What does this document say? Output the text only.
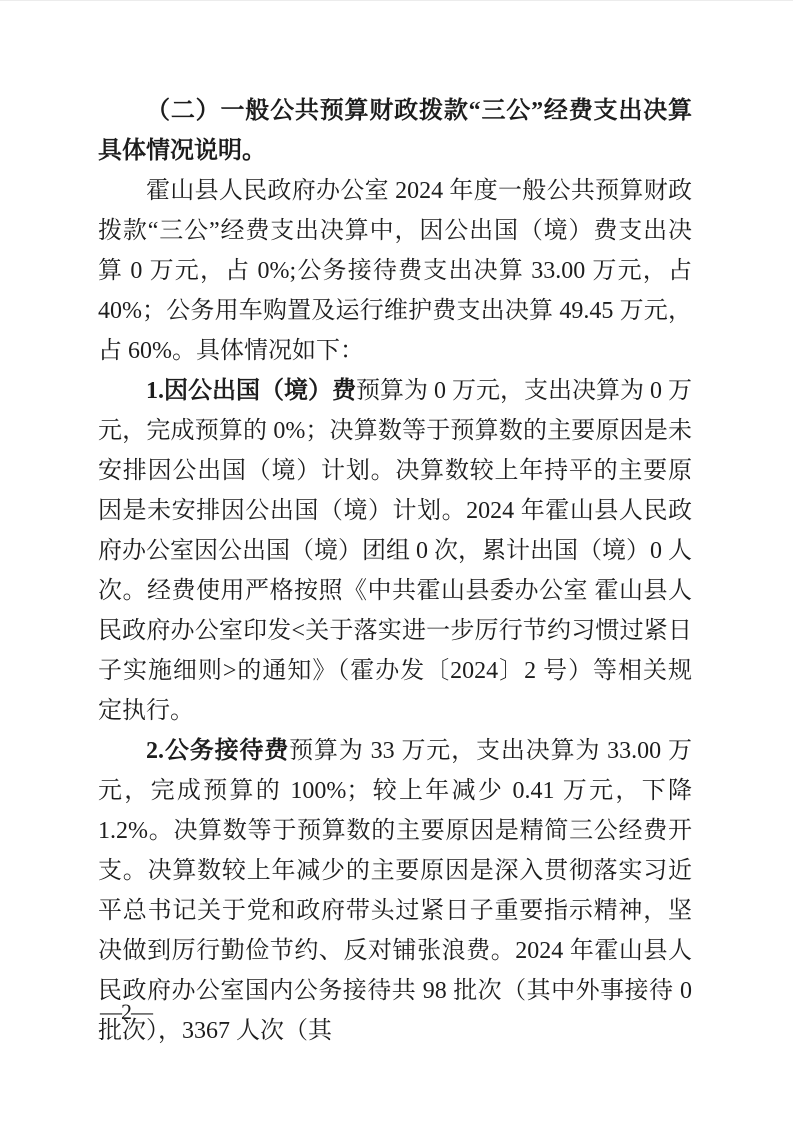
（二）一般公共预算财政拨款“三公”经费支出决算具体情况说明。

霍山县人民政府办公室 2024 年度一般公共预算财政拨款“三公”经费支出决算中，因公出国（境）费支出决算 0 万元，占 0%;公务接待费支出决算 33.00 万元，占 40%；公务用车购置及运行维护费支出决算 49.45 万元，占 60%。具体情况如下：

1.因公出国（境）费预算为 0 万元，支出决算为 0 万元，完成预算的 0%；决算数等于预算数的主要原因是未安排因公出国（境）计划。决算数较上年持平的主要原因是未安排因公出国（境）计划。2024 年霍山县人民政府办公室因公出国（境）团组 0 次，累计出国（境）0 人次。经费使用严格按照《中共霍山县委办公室 霍山县人民政府办公室印发<关于落实进一步厉行节约习惯过紧日子实施细则>的通知》（霍办发〔2024〕2 号）等相关规定执行。

2.公务接待费预算为 33 万元，支出决算为 33.00 万元，完成预算的 100%；较上年减少 0.41 万元，下降 1.2%。决算数等于预算数的主要原因是精简三公经费开支。决算数较上年减少的主要原因是深入贯彻落实习近平总书记关于党和政府带头过紧日子重要指示精神，坚决做到厉行勤俭节约、反对铺张浪费。2024 年霍山县人民政府办公室国内公务接待共 98 批次（其中外事接待 0 批次），3367 人次（其

—2—
